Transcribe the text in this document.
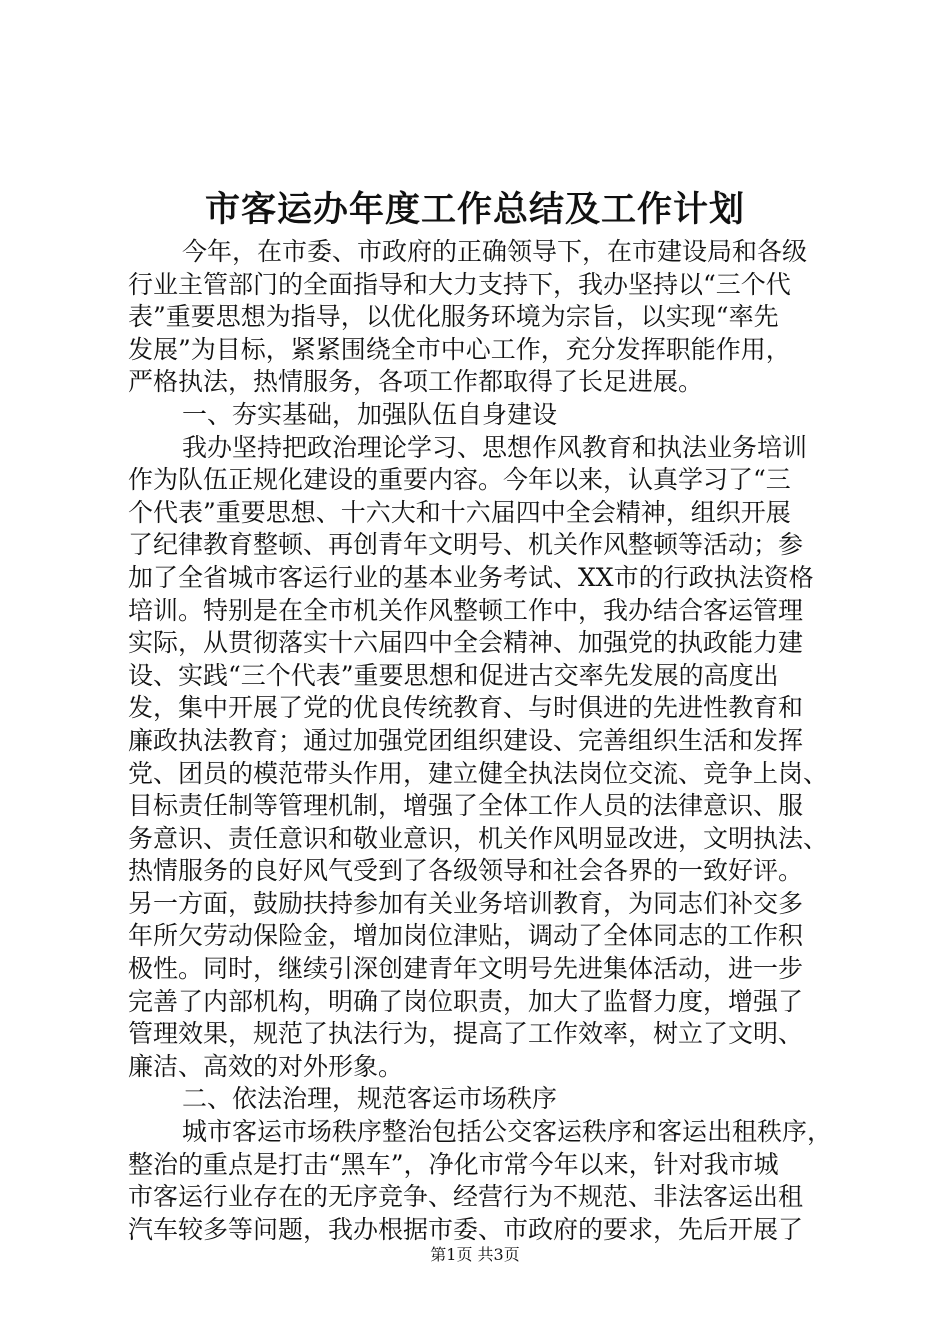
市客运办年度工作总结及工作计划
今年，在市委、市政府的正确领导下，在市建设局和各级
行业主管部门的全面指导和大力支持下，我办坚持以“三个代
表”重要思想为指导，以优化服务环境为宗旨，以实现“率先
发展”为目标，紧紧围绕全市中心工作，充分发挥职能作用，
严格执法，热情服务，各项工作都取得了长足进展。
一、夯实基础，加强队伍自身建设
我办坚持把政治理论学习、思想作风教育和执法业务培训
作为队伍正规化建设的重要内容。今年以来，认真学习了“三
个代表”重要思想、十六大和十六届四中全会精神，组织开展
了纪律教育整顿、再创青年文明号、机关作风整顿等活动；参
加了全省城市客运行业的基本业务考试、XX市的行政执法资格
培训。特别是在全市机关作风整顿工作中，我办结合客运管理
实际，从贯彻落实十六届四中全会精神、加强党的执政能力建
设、实践“三个代表”重要思想和促进古交率先发展的高度出
发，集中开展了党的优良传统教育、与时俱进的先进性教育和
廉政执法教育；通过加强党团组织建设、完善组织生活和发挥
党、团员的模范带头作用，建立健全执法岗位交流、竞争上岗、
目标责任制等管理机制，增强了全体工作人员的法律意识、服
务意识、责任意识和敬业意识，机关作风明显改进，文明执法、
热情服务的良好风气受到了各级领导和社会各界的一致好评。
另一方面，鼓励扶持参加有关业务培训教育，为同志们补交多
年所欠劳动保险金，增加岗位津贴，调动了全体同志的工作积
极性。同时，继续引深创建青年文明号先进集体活动，进一步
完善了内部机构，明确了岗位职责，加大了监督力度，增强了
管理效果，规范了执法行为，提高了工作效率，树立了文明、
廉洁、高效的对外形象。
二、依法治理，规范客运市场秩序
城市客运市场秩序整治包括公交客运秩序和客运出租秩序，
整治的重点是打击“黑车”，净化市常今年以来，针对我市城
市客运行业存在的无序竞争、经营行为不规范、非法客运出租
汽车较多等问题，我办根据市委、市政府的要求，先后开展了
第1页 共3页
